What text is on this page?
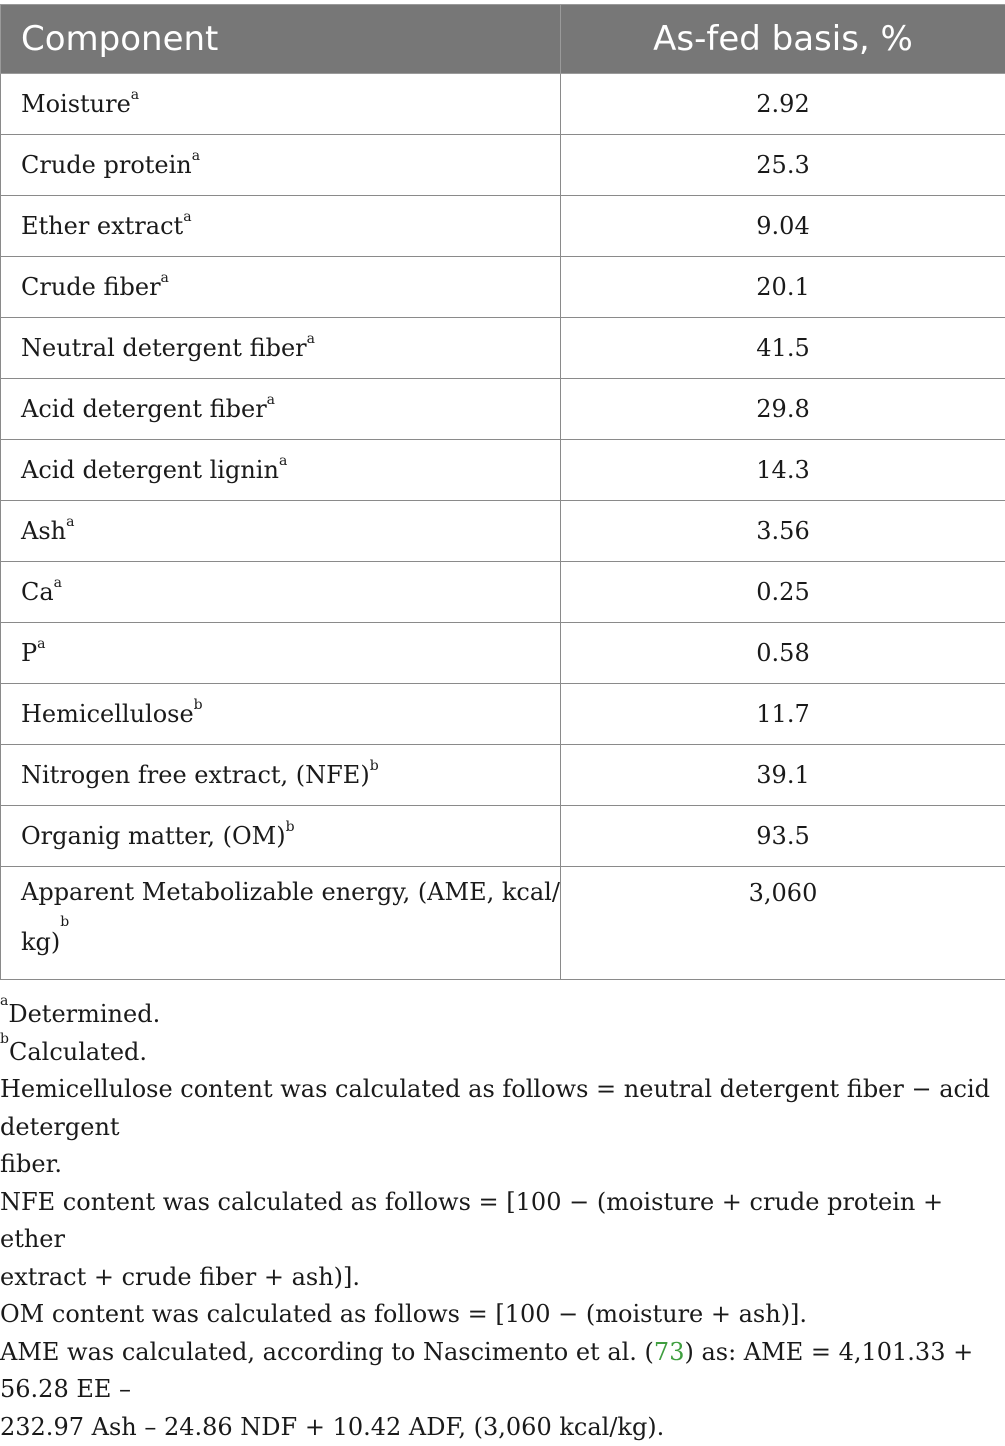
Component	As-fed basis, %
Moisture$^a$	2.92
Crude protein$^a$	25.3
Ether extract$^a$	9.04
Crude fiber$^a$	20.1
Neutral detergent fiber$^a$	41.5
Acid detergent fiber$^a$	29.8
Acid detergent lignin$^a$	14.3
Ash$^a$	3.56
Ca$^a$	0.25
$P^a$	0.58
Hemicellulose$^b$	11.7
Nitrogen free extract, (NFE)$^b$	39.1
Organig matter, (OM)$^b$	93.5
Apparent Metabolizable energy, (AME, kcal/
kg)$^b$	3,060

$^a$Determined.

$^b$Calculated.

Hemicellulose content was calculated as follows = neutral detergent fiber − acid detergent
fiber.

NFE content was calculated as follows = [100 − (moisture + crude protein + ether
extract + crude fiber + ash)].

OM content was calculated as follows = [100 − (moisture + ash)].

AME was calculated, according to Nascimento et al. (73) as: AME = 4,101.33 + 56.28 EE –
232.97 Ash – 24.86 NDF + 10.42 ADF, (3,060 kcal/kg).
